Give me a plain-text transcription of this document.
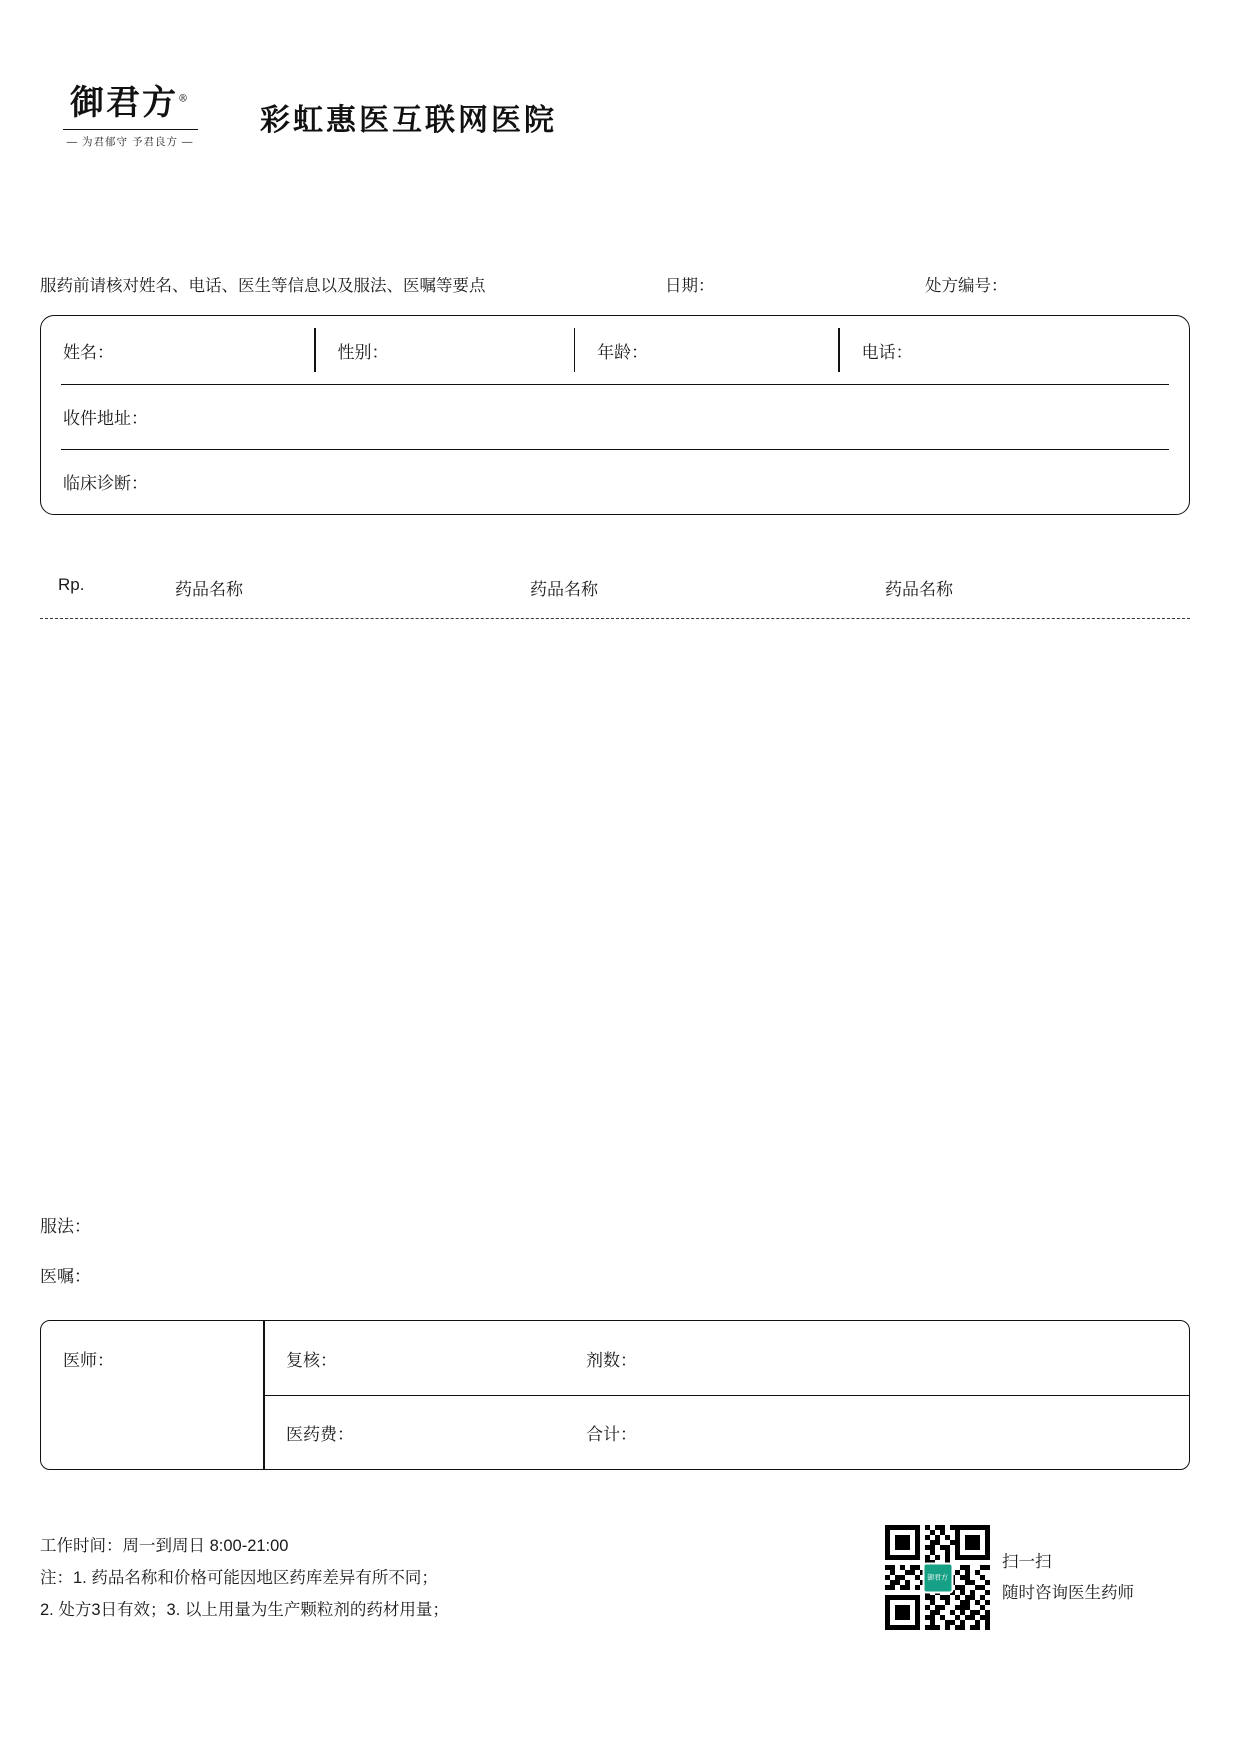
御君方®
— 为君郁守 予君良方 —
彩虹惠医互联网医院
服药前请核对姓名、电话、医生等信息以及服法、医嘱等要点	日期：	处方编号：
姓名：	性别：	年龄：	电话：
收件地址：
临床诊断：
Rp.	药品名称	药品名称	药品名称
服法：
医嘱：
医师：	复核：	剂数：
医药费：	合计：
工作时间：周一到周日 8:00-21:00
注：1. 药品名称和价格可能因地区药库差异有所不同；
2. 处方3日有效；3. 以上用量为生产颗粒剂的药材用量；
御君方
扫一扫
随时咨询医生药师
